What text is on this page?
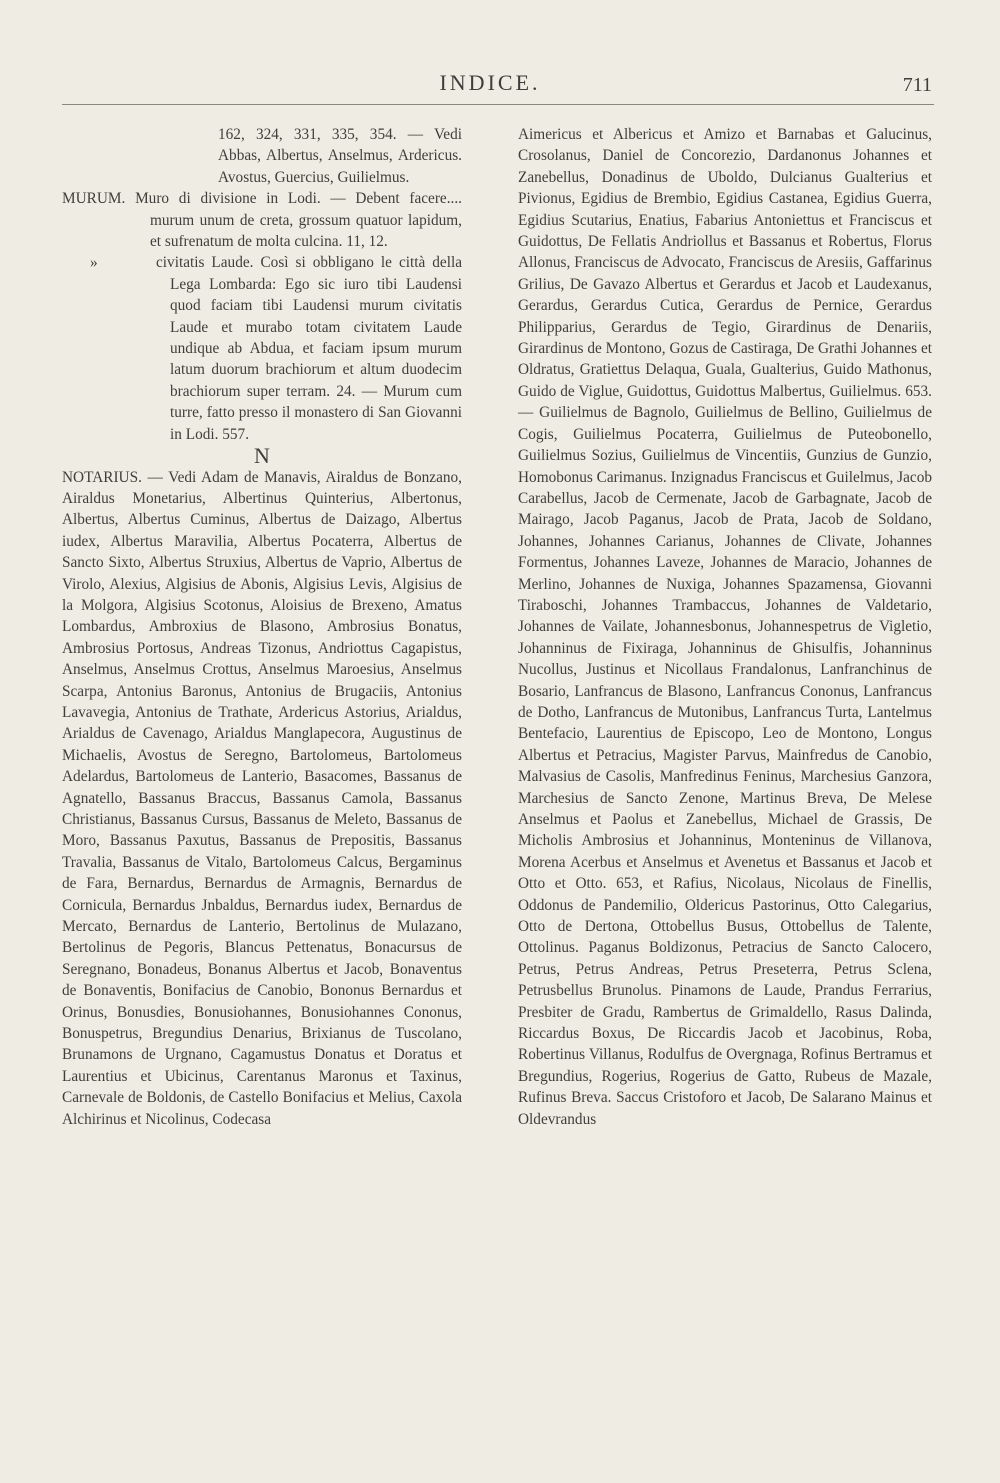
INDICE.	711

162, 324, 331, 335, 354. — Vedi Abbas, Albertus, Anselmus, Ardericus. Avostus, Guercius, Guilielmus.

MURUM. Muro di divisione in Lodi. — Debent facere.... murum unum de creta, grossum quatuor lapidum, et sufrenatum de molta culcina. 11, 12.

»	civitatis Laude. Così si obbligano le città della Lega Lombarda: Ego sic iuro tibi Laudensi quod faciam tibi Laudensi murum civitatis Laude et murabo totam civitatem Laude undique ab Abdua, et faciam ipsum murum latum duorum brachiorum et altum duodecim brachiorum super terram. 24. — Murum cum turre, fatto presso il monastero di San Giovanni in Lodi. 557.

N

NOTARIUS. — Vedi Adam de Manavis, Airaldus de Bonzano, Airaldus Monetarius, Albertinus Quinterius, Albertonus, Albertus, Albertus Cuminus, Albertus de Daizago, Albertus iudex, Albertus Maravilia, Albertus Pocaterra, Albertus de Sancto Sixto, Albertus Struxius, Albertus de Vaprio, Albertus de Virolo, Alexius, Algisius de Abonis, Algisius Levis, Algisius de la Molgora, Algisius Scotonus, Aloisius de Brexeno, Amatus Lombardus, Ambroxius de Blasono, Ambrosius Bonatus, Ambrosius Portosus, Andreas Tizonus, Andriottus Cagapistus, Anselmus, Anselmus Crottus, Anselmus Maroesius, Anselmus Scarpa, Antonius Baronus, Antonius de Brugaciis, Antonius Lavavegia, Antonius de Trathate, Ardericus Astorius, Arialdus, Arialdus de Cavenago, Arialdus Manglapecora, Augustinus de Michaelis, Avostus de Seregno, Bartolomeus, Bartolomeus Adelardus, Bartolomeus de Lanterio, Basacomes, Bassanus de Agnatello, Bassanus Braccus, Bassanus Camola, Bassanus Christianus, Bassanus Cursus, Bassanus de Meleto, Bassanus de Moro, Bassanus Paxutus, Bassanus de Prepositis, Bassanus Travalia, Bassanus de Vitalo, Bartolomeus Calcus, Bergaminus de Fara, Bernardus, Bernardus de Armagnis, Bernardus de Cornicula, Bernardus Jnbaldus, Bernardus iudex, Bernardus de Mercato, Bernardus de Lanterio, Bertolinus de Mulazano, Bertolinus de Pegoris, Blancus Pettenatus, Bonacursus de Seregnano, Bonadeus, Bonanus Albertus et Jacob, Bonaventus de Bonaventis, Bonifacius de Canobio, Bononus Bernardus et Orinus, Bonusdies, Bonusiohannes, Bonusiohannes Cononus, Bonuspetrus, Bregundius Denarius, Brixianus de Tuscolano, Brunamons de Urgnano, Cagamustus Donatus et Doratus et Laurentius et Ubicinus, Carentanus Maronus et Taxinus, Carnevale de Boldonis, de Castello Bonifacius et Melius, Caxola Alchirinus et Nicolinus, Codecasa

Aimericus et Albericus et Amizo et Barnabas et Galucinus, Crosolanus, Daniel de Concorezio, Dardanonus Johannes et Zanebellus, Donadinus de Uboldo, Dulcianus Gualterius et Pivionus, Egidius de Brembio, Egidius Castanea, Egidius Guerra, Egidius Scutarius, Enatius, Fabarius Antoniettus et Franciscus et Guidottus, De Fellatis Andriollus et Bassanus et Robertus, Florus Allonus, Franciscus de Advocato, Franciscus de Aresiis, Gaffarinus Grilius, De Gavazo Albertus et Gerardus et Jacob et Laudexanus, Gerardus, Gerardus Cutica, Gerardus de Pernice, Gerardus Philipparius, Gerardus de Tegio, Girardinus de Denariis, Girardinus de Montono, Gozus de Castiraga, De Grathi Johannes et Oldratus, Gratiettus Delaqua, Guala, Gualterius, Guido Mathonus, Guido de Viglue, Guidottus, Guidottus Malbertus, Guilielmus. 653. — Guilielmus de Bagnolo, Guilielmus de Bellino, Guilielmus de Cogis, Guilielmus Pocaterra, Guilielmus de Puteobonello, Guilielmus Sozius, Guilielmus de Vincentiis, Gunzius de Gunzio, Homobonus Carimanus. Inzignadus Franciscus et Guilelmus, Jacob Carabellus, Jacob de Cermenate, Jacob de Garbagnate, Jacob de Mairago, Jacob Paganus, Jacob de Prata, Jacob de Soldano, Johannes, Johannes Carianus, Johannes de Clivate, Johannes Formentus, Johannes Laveze, Johannes de Maracio, Johannes de Merlino, Johannes de Nuxiga, Johannes Spazamensa, Giovanni Tiraboschi, Johannes Trambaccus, Johannes de Valdetario, Johannes de Vailate, Johannesbonus, Johannespetrus de Vigletio, Johanninus de Fixiraga, Johanninus de Ghisulfis, Johanninus Nucollus, Justinus et Nicollaus Frandalonus, Lanfranchinus de Bosario, Lanfrancus de Blasono, Lanfrancus Cononus, Lanfrancus de Dotho, Lanfrancus de Mutonibus, Lanfrancus Turta, Lantelmus Bentefacio, Laurentius de Episcopo, Leo de Montono, Longus Albertus et Petracius, Magister Parvus, Mainfredus de Canobio, Malvasius de Casolis, Manfredinus Feninus, Marchesius Ganzora, Marchesius de Sancto Zenone, Martinus Breva, De Melese Anselmus et Paolus et Zanebellus, Michael de Grassis, De Micholis Ambrosius et Johanninus, Monteninus de Villanova, Morena Acerbus et Anselmus et Avenetus et Bassanus et Jacob et Otto et Otto. 653, et Rafius, Nicolaus, Nicolaus de Finellis, Oddonus de Pandemilio, Oldericus Pastorinus, Otto Calegarius, Otto de Dertona, Ottobellus Busus, Ottobellus de Talente, Ottolinus. Paganus Boldizonus, Petracius de Sancto Calocero, Petrus, Petrus Andreas, Petrus Preseterra, Petrus Sclena, Petrusbellus Brunolus. Pinamons de Laude, Prandus Ferrarius, Presbiter de Gradu, Rambertus de Grimaldello, Rasus Dalinda, Riccardus Boxus, De Riccardis Jacob et Jacobinus, Roba, Robertinus Villanus, Rodulfus de Overgnaga, Rofinus Bertramus et Bregundius, Rogerius, Rogerius de Gatto, Rubeus de Mazale, Rufinus Breva. Saccus Cristoforo et Jacob, De Salarano Mainus et Oldevrandus
